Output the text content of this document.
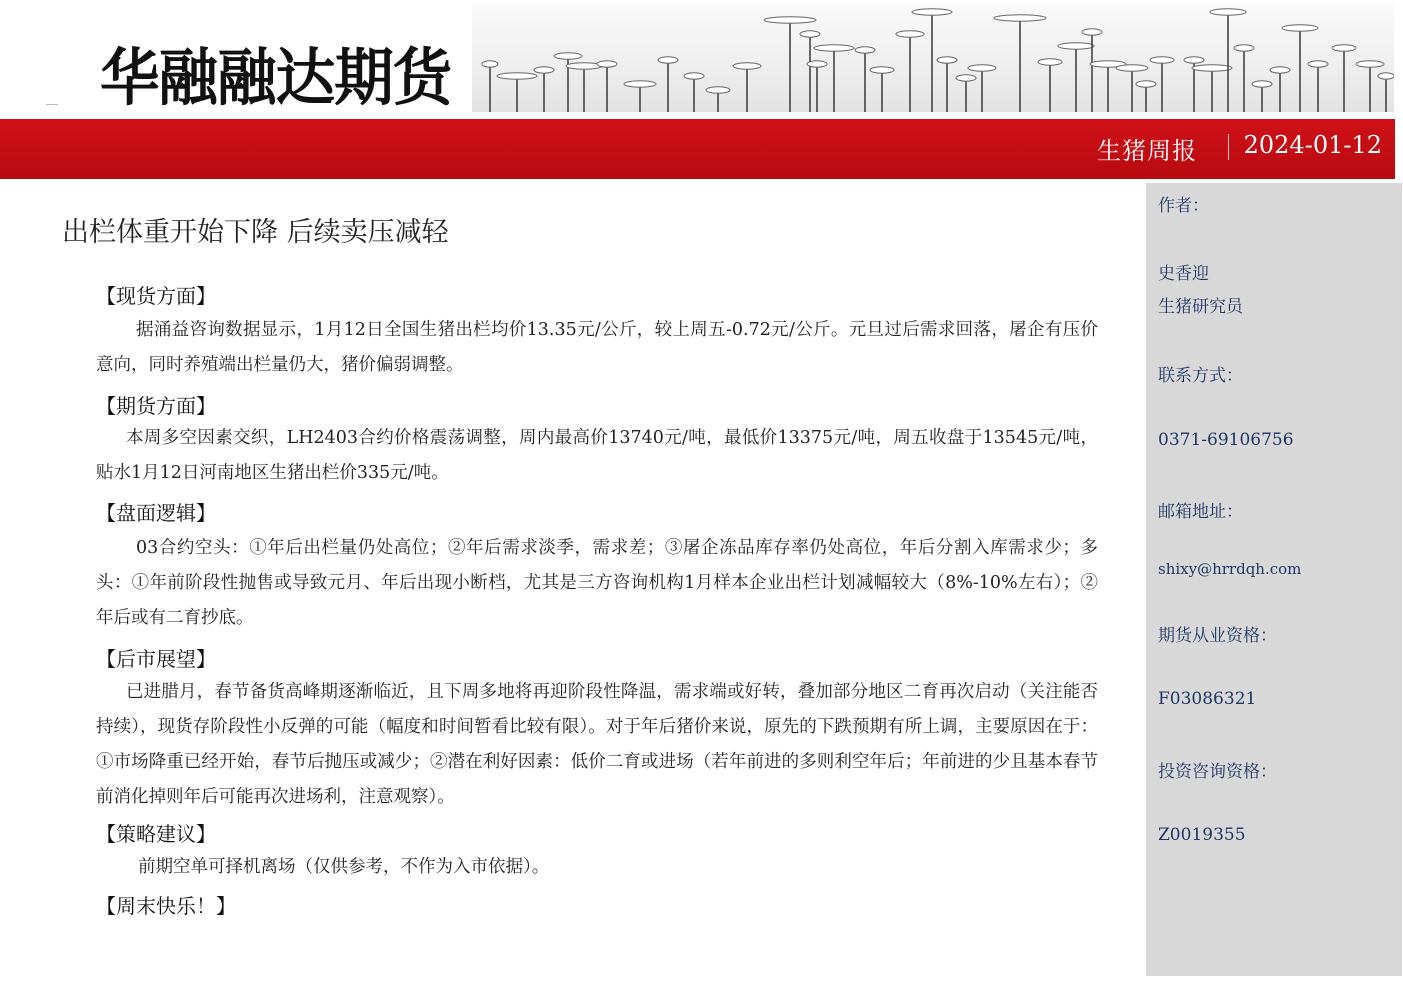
华融融达期货
生猪周报 2024-01-12
出栏体重开始下降 后续卖压减轻
【现货方面】
据涌益咨询数据显示，1月12日全国生猪出栏均价13.35元/公斤，较上周五-0.72元/公斤。元旦过后需求回落，屠企有压价意向，同时养殖端出栏量仍大，猪价偏弱调整。
【期货方面】
本周多空因素交织，LH2403合约价格震荡调整，周内最高价13740元/吨，最低价13375元/吨，周五收盘于13545元/吨，贴水1月12日河南地区生猪出栏价335元/吨。
【盘面逻辑】
03合约空头：①年后出栏量仍处高位；②年后需求淡季，需求差；③屠企冻品库存率仍处高位，年后分割入库需求少；多头：①年前阶段性抛售或导致元月、年后出现小断档，尤其是三方咨询机构1月样本企业出栏计划减幅较大（8%-10%左右）；②年后或有二育抄底。
【后市展望】
已进腊月，春节备货高峰期逐渐临近，且下周多地将再迎阶段性降温，需求端或好转，叠加部分地区二育再次启动（关注能否持续），现货存阶段性小反弹的可能（幅度和时间暂看比较有限）。对于年后猪价来说，原先的下跌预期有所上调，主要原因在于：①市场降重已经开始，春节后抛压或减少；②潜在利好因素：低价二育或进场（若年前进的多则利空年后；年前进的少且基本春节前消化掉则年后可能再次进场利，注意观察）。
【策略建议】
前期空单可择机离场（仅供参考，不作为入市依据）。
【周末快乐！】
作者：
史香迎
生猪研究员
联系方式：
0371-69106756
邮箱地址：
shixy@hrrdqh.com
期货从业资格：
F03086321
投资咨询资格：
Z0019355
